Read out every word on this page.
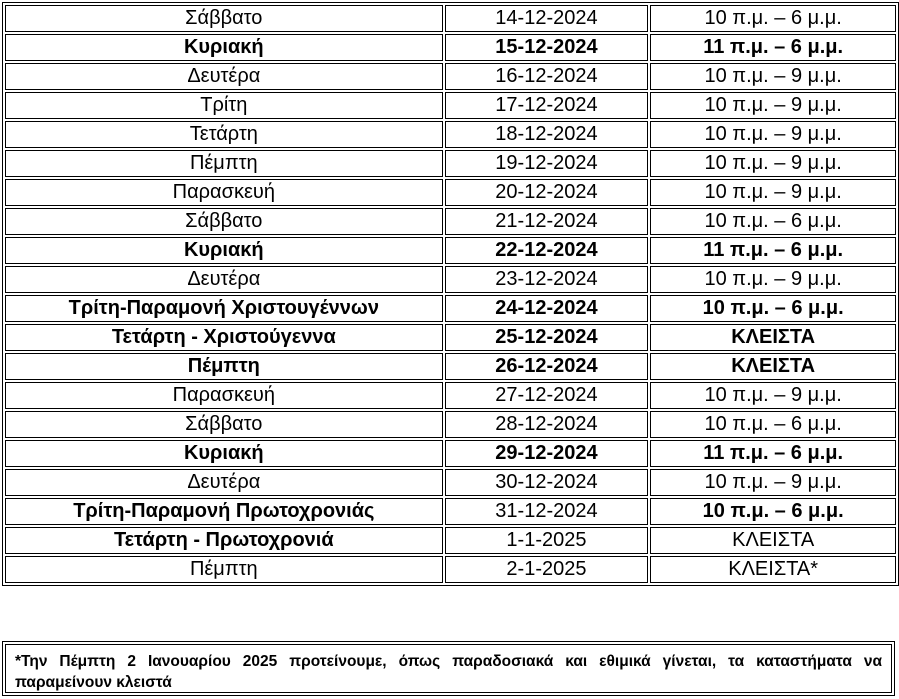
Σάββατο	14-12-2024	10 π.μ. – 6 μ.μ.
Κυριακή	15-12-2024	11 π.μ. – 6 μ.μ.
Δευτέρα	16-12-2024	10 π.μ. – 9 μ.μ.
Τρίτη	17-12-2024	10 π.μ. – 9 μ.μ.
Τετάρτη	18-12-2024	10 π.μ. – 9 μ.μ.
Πέμπτη	19-12-2024	10 π.μ. – 9 μ.μ.
Παρασκευή	20-12-2024	10 π.μ. – 9 μ.μ.
Σάββατο	21-12-2024	10 π.μ. – 6 μ.μ.
Κυριακή	22-12-2024	11 π.μ. – 6 μ.μ.
Δευτέρα	23-12-2024	10 π.μ. – 9 μ.μ.
Τρίτη-Παραμονή Χριστουγέννων	24-12-2024	10 π.μ. – 6 μ.μ.
Τετάρτη - Χριστούγεννα	25-12-2024	ΚΛΕΙΣΤΑ
Πέμπτη	26-12-2024	ΚΛΕΙΣΤΑ
Παρασκευή	27-12-2024	10 π.μ. – 9 μ.μ.
Σάββατο	28-12-2024	10 π.μ. – 6 μ.μ.
Κυριακή	29-12-2024	11 π.μ. – 6 μ.μ.
Δευτέρα	30-12-2024	10 π.μ. – 9 μ.μ.
Τρίτη-Παραμονή Πρωτοχρονιάς	31-12-2024	10 π.μ. – 6 μ.μ.
Τετάρτη - Πρωτοχρονιά	1-1-2025	ΚΛΕΙΣΤΑ
Πέμπτη	2-1-2025	ΚΛΕΙΣΤΑ*
*Την Πέμπτη 2 Ιανουαρίου 2025 προτείνουμε, όπως παραδοσιακά και εθιμικά γίνεται, τα καταστήματα να παραμείνουν κλειστά
